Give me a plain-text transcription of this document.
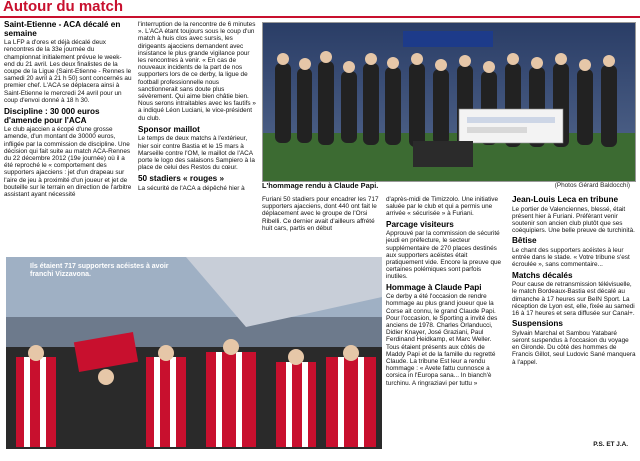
Autour du match

Saint-Etienne - ACA décalé en semaine

La LFP a d'ores et déjà décalé deux rencontres de la 33e journée du championnat initialement prévue le week-end du 21 avril. Les deux finalistes de la coupe de la Ligue (Saint-Etienne - Rennes le samedi 20 avril à 21 h 50) sont concernés au premier chef. L'ACA se déplacera ainsi à Saint-Etienne le mercredi 24 avril pour un coup d'envoi donné à 18 h 30.

Discipline : 30 000 euros d'amende pour l'ACA

Le club ajaccien a écopé d'une grosse amende, d'un montant de 30000 euros, infligée par la commission de discipline. Une décision qui fait suite au match ACA-Rennes du 22 décembre 2012 (19e journée) où il a été reproché le « comportement des supporters ajacciens : jet d'un drapeau sur l'aire de jeu à proximité d'un joueur et jet de bouteille sur le terrain en direction de l'arbitre assistant ayant nécessité

l'interruption de la rencontre de 6 minutes ». L'ACA étant toujours sous le coup d'un match à huis clos avec sursis, les dirigeants ajacciens demandent avec insistance le plus grande vigilance pour les rencontres à venir. « En cas de nouveaux incidents de la part de nos supporters lors de ce derby, la ligue de football professionnelle nous sanctionnerait sans doute plus sévèrement. Qui aime bien châtie bien. Nous serons intraitables avec les fautifs » a indiqué Léon Luciani, le vice-président du club.

Sponsor maillot

Le temps de deux matchs à l'extérieur, hier soir contre Bastia et le 15 mars à Marseille contre l'OM, le maillot de l'ACA porte le logo des salaisons Sampiero à la place de celui des Restos du cœur.

50 stadiers « rouges »

La sécurité de l'ACA a dépêché hier à	L'hommage rendu à Claude Papi.	(Photos Gérard Baldocchi)

Furiani 50 stadiers pour encadrer les 717 supporters ajacciens, dont 440 ont fait le déplacement avec le groupe de l'Orsi Ribelli. Ce dernier avait d'ailleurs affrété huit cars, partis en début

d'après-midi de Timizzolo. Une initiative saluée par le club et qui a permis une arrivée « sécurisée » à Furiani.

Parcage visiteurs

Approuvé par la commission de sécurité jeudi en préfecture, le secteur supplémentaire de 270 places destinés aux supporters acéistes était pratiquement vide. Encore la preuve que certaines polémiques sont parfois inutiles.

Hommage à Claude Papi

Ce derby a été l'occasion de rendre hommage au plus grand joueur que la Corse ait connu, le grand Claude Papi. Pour l'occasion, le Sporting a invité des anciens de 1978. Charles Orlanducci, Didier Knayer, José Graziani, Paul Ferdinand Heidkamp, et Marc Weller. Tous étaient présents aux côtés de Maddy Papi et de la famille du regretté Claude. La tribune Est leur a rendu hommage : « Avete fattu cunnosce a corsica in l'Europa sana... In bianch'è turchinu. A ringraziavi per tuttu »

Jean-Louis Leca en tribune

Le portier de Valenciennes, blessé, était présent hier à Furiani. Préférant venir soutenir son ancien club plutôt que ses coéquipiers. Une belle preuve de turchinità.

Bêtise

Le chant des supporters acéistes à leur entrée dans le stade. « Votre tribune s'est écroulée », sans commentaire...

Matchs décalés

Pour cause de retransmission télévisuelle, le match Bordeaux-Bastia est décalé au dimanche à 17 heures sur BeIN Sport. La réception de Lyon est, elle, fixée au samedi 16 à 17 heures et sera diffusée sur Canal+.

Suspensions

Sylvain Marchal et Sambou Yatabaré seront suspendus à l'occasion du voyage en Gironde. Du côté des hommes de Francis Gillot, seul Ludovic Sané manquera à l'appel.

P.S. ET J.A.
Ils étaient 717 supporters acéistes à avoir franchi Vizzavona.
